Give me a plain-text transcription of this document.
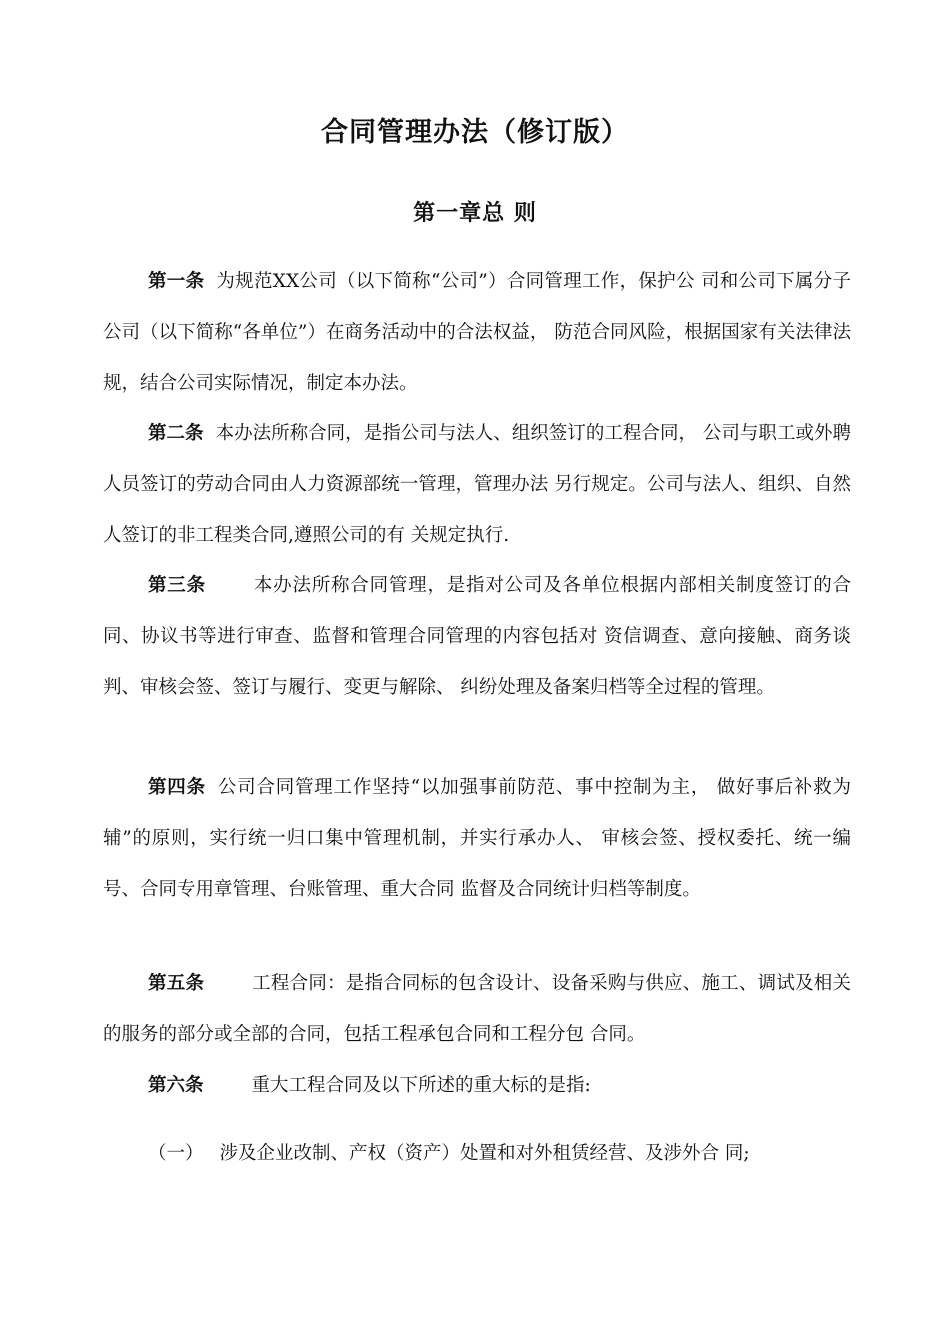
合同管理办法（修订版）
第一章总 则

第一条 为规范XX公司（以下简称“公司”）合同管理工作，保护公 司和公司下属分子公司（以下简称“各单位”）在商务活动中的合法权益， 防范合同风险，根据国家有关法律法规，结合公司实际情况，制定本办法。

第二条 本办法所称合同，是指公司与法人、组织签订的工程合同， 公司与职工或外聘人员签订的劳动合同由人力资源部统一管理，管理办法 另行规定。公司与法人、组织、自然人签订的非工程类合同,遵照公司的有 关规定执行.

第三条	本办法所称合同管理，是指对公司及各单位根据内部相关制度签订的合同、协议书等进行审查、监督和管理合同管理的内容包括对 资信调查、意向接触、商务谈判、审核会签、签订与履行、变更与解除、 纠纷处理及备案归档等全过程的管理。

第四条 公司合同管理工作坚持“以加强事前防范、事中控制为主， 做好事后补救为辅”的原则，实行统一归口集中管理机制，并实行承办人、 审核会签、授权委托、统一编号、合同专用章管理、台账管理、重大合同 监督及合同统计归档等制度。

第五条	工程合同：是指合同标的包含设计、设备采购与供应、施工、调试及相关的服务的部分或全部的合同，包括工程承包合同和工程分包 合同。

第六条	重大工程合同及以下所述的重大标的是指:

（一） 涉及企业改制、产权（资产）处置和对外租赁经营、及涉外合 同;
